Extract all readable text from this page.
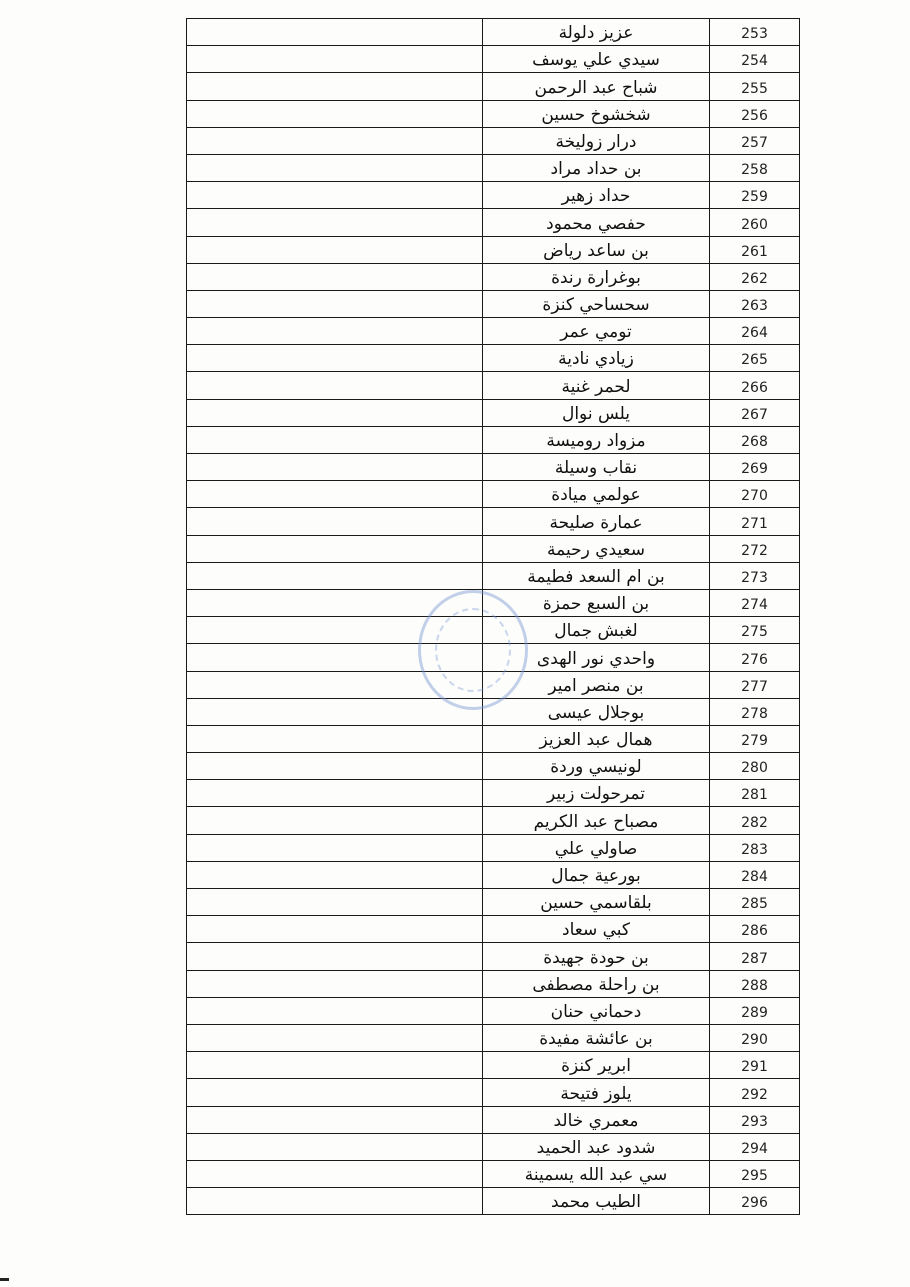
	عزيز دلولة	253
	سيدي علي يوسف	254
	شباح عبد الرحمن	255
	شخشوخ حسين	256
	درار زوليخة	257
	بن حداد مراد	258
	حداد زهير	259
	حفصي محمود	260
	بن ساعد رياض	261
	بوغرارة رندة	262
	سحساحي كنزة	263
	تومي عمر	264
	زيادي نادية	265
	لحمر غنية	266
	يلس نوال	267
	مزواد روميسة	268
	نقاب وسيلة	269
	عولمي ميادة	270
	عمارة صليحة	271
	سعيدي رحيمة	272
	بن ام السعد فطيمة	273
	بن السبع حمزة	274
	لغبش جمال	275
	واحدي نور الهدى	276
	بن منصر امير	277
	بوجلال عيسى	278
	همال عبد العزيز	279
	لونيسي وردة	280
	تمرحولت زبير	281
	مصباح عبد الكريم	282
	صاولي علي	283
	بورعية جمال	284
	بلقاسمي حسين	285
	كبي سعاد	286
	بن حودة جهيدة	287
	بن راحلة مصطفى	288
	دحماني حنان	289
	بن عائشة مفيدة	290
	ابرير كنزة	291
	يلوز فتيحة	292
	معمري خالد	293
	شدود عبد الحميد	294
	سي عبد الله يسمينة	295
	الطيب محمد	296
